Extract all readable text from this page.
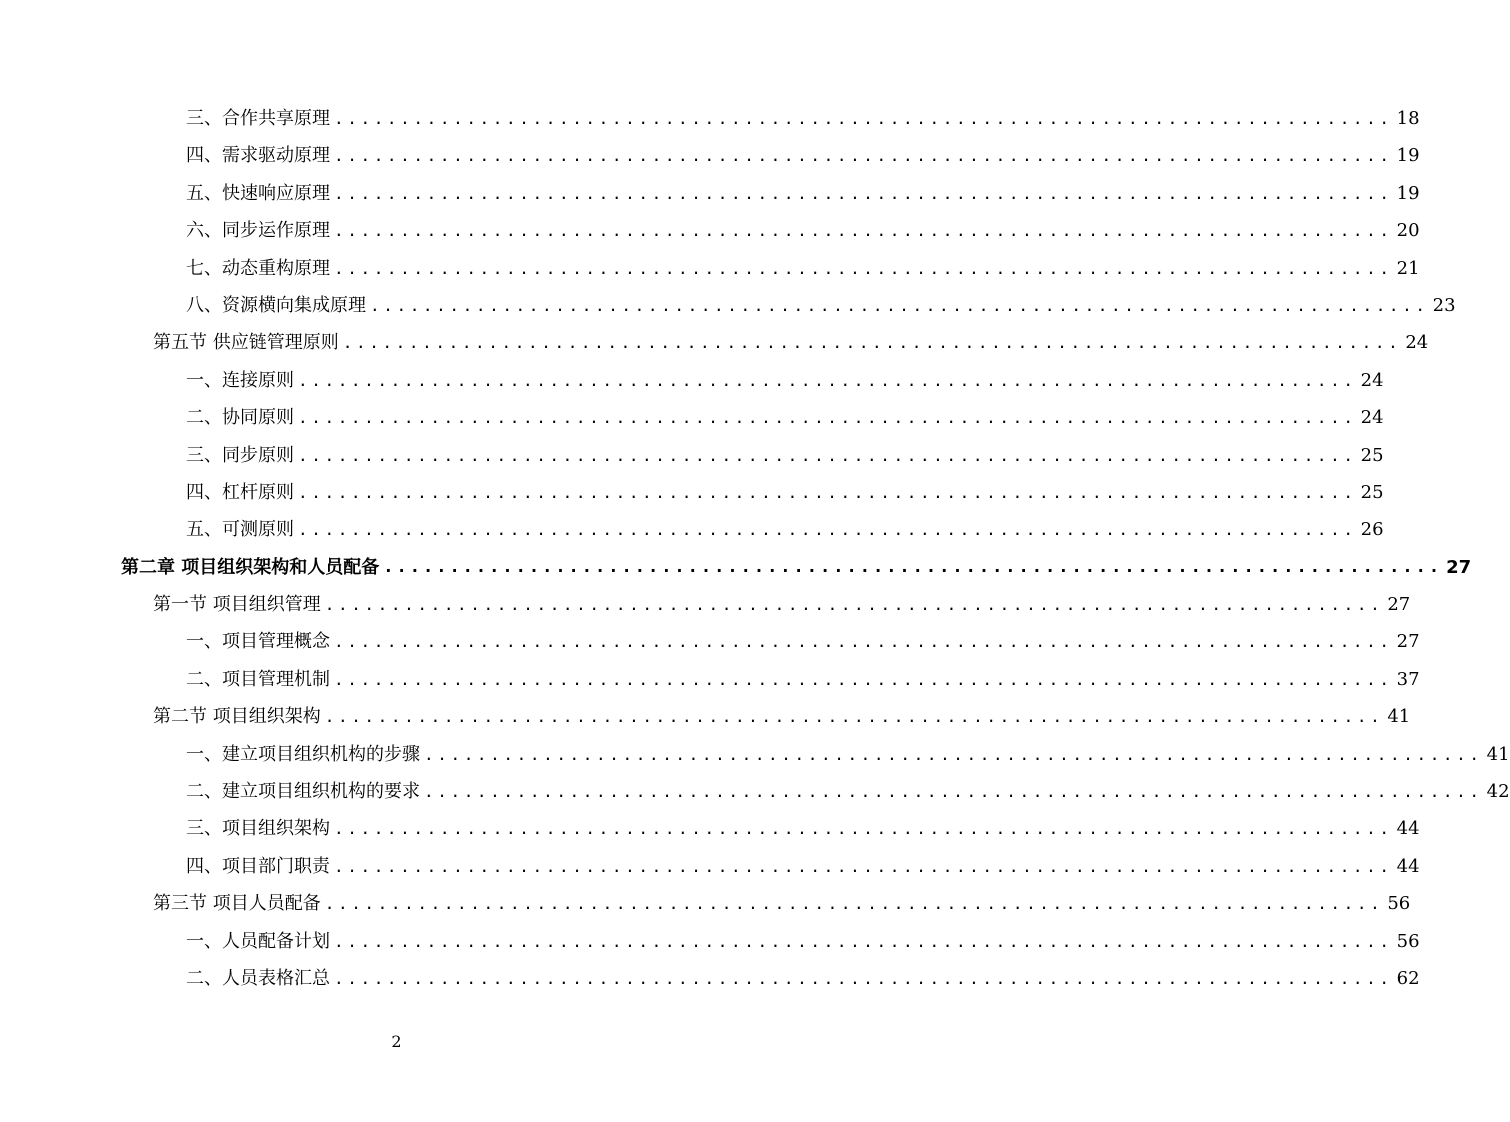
三、合作共享原理 ................................................................................ 18
四、需求驱动原理 ................................................................................ 19
五、快速响应原理 ................................................................................ 19
六、同步运作原理 ................................................................................ 20
七、动态重构原理 ................................................................................ 21
八、资源横向集成原理 ................................................................................ 23
第五节 供应链管理原则 ................................................................................ 24
一、连接原则 ................................................................................ 24
二、协同原则 ................................................................................ 24
三、同步原则 ................................................................................ 25
四、杠杆原则 ................................................................................ 25
五、可测原则 ................................................................................ 26
第二章 项目组织架构和人员配备 ................................................................................ 27
第一节 项目组织管理 ................................................................................ 27
一、项目管理概念 ................................................................................ 27
二、项目管理机制 ................................................................................ 37
第二节 项目组织架构 ................................................................................ 41
一、建立项目组织机构的步骤 ................................................................................ 41
二、建立项目组织机构的要求 ................................................................................ 42
三、项目组织架构 ................................................................................ 44
四、项目部门职责 ................................................................................ 44
第三节 项目人员配备 ................................................................................ 56
一、人员配备计划 ................................................................................ 56
二、人员表格汇总 ................................................................................ 62
2
